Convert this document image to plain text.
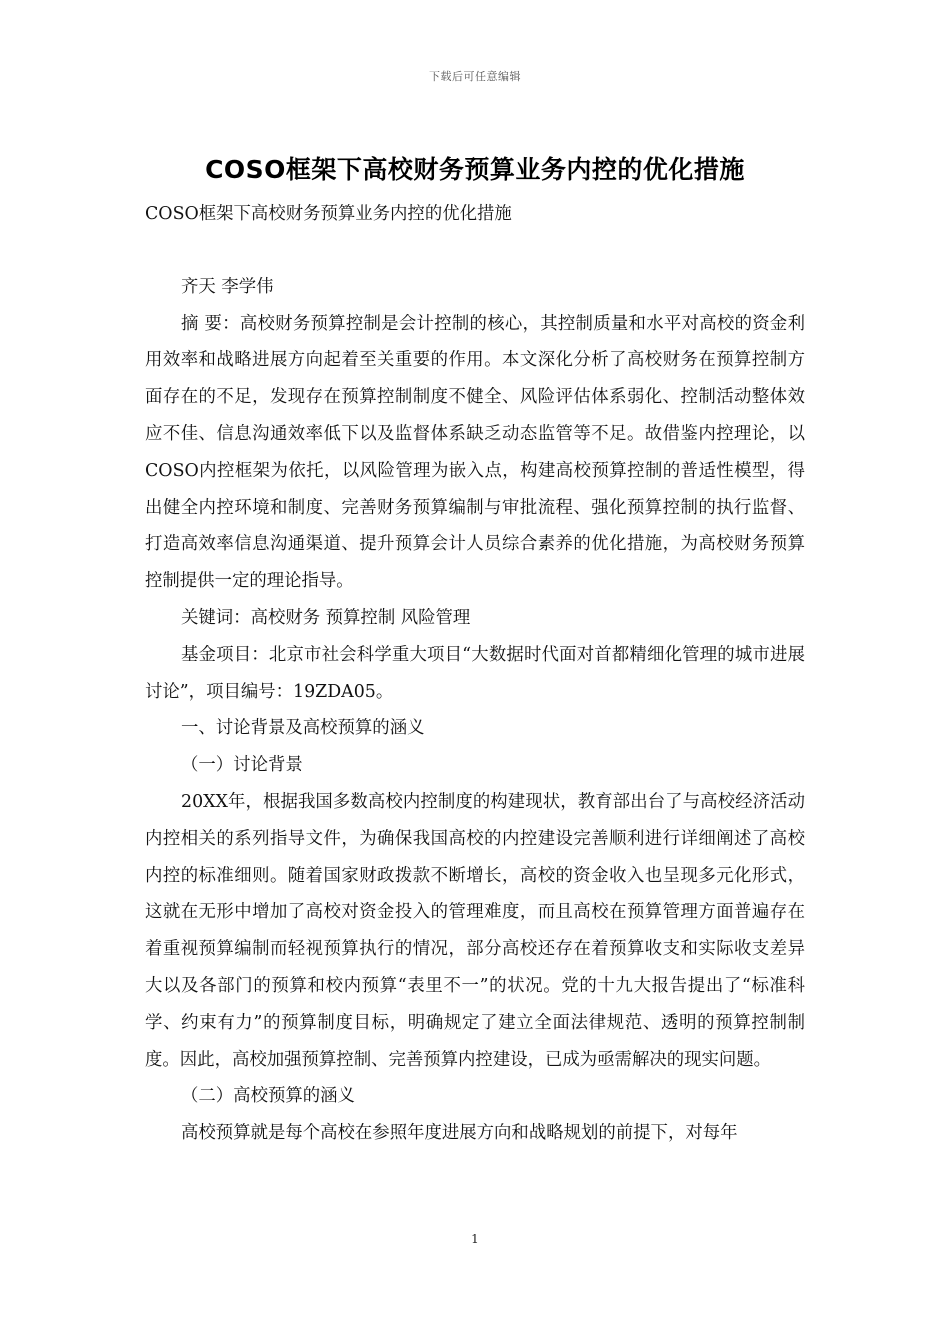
下载后可任意编辑
COSO框架下高校财务预算业务内控的优化措施

COSO框架下高校财务预算业务内控的优化措施

齐天 李学伟

摘 要：高校财务预算控制是会计控制的核心，其控制质量和水平对高校的资金利用效率和战略进展方向起着至关重要的作用。本文深化分析了高校财务在预算控制方面存在的不足，发现存在预算控制制度不健全、风险评估体系弱化、控制活动整体效应不佳、信息沟通效率低下以及监督体系缺乏动态监管等不足。故借鉴内控理论，以 COSO内控框架为依托，以风险管理为嵌入点，构建高校预算控制的普适性模型，得出健全内控环境和制度、完善财务预算编制与审批流程、强化预算控制的执行监督、打造高效率信息沟通渠道、提升预算会计人员综合素养的优化措施，为高校财务预算控制提供一定的理论指导。

关键词：高校财务 预算控制 风险管理

基金项目：北京市社会科学重大项目“大数据时代面对首都精细化管理的城市进展讨论”，项目编号：19ZDA05。

一、讨论背景及高校预算的涵义

（一）讨论背景

20XX年，根据我国多数高校内控制度的构建现状，教育部出台了与高校经济活动内控相关的系列指导文件，为确保我国高校的内控建设完善顺利进行详细阐述了高校内控的标准细则。随着国家财政拨款不断增长，高校的资金收入也呈现多元化形式，这就在无形中增加了高校对资金投入的管理难度，而且高校在预算管理方面普遍存在着重视预算编制而轻视预算执行的情况，部分高校还存在着预算收支和实际收支差异大以及各部门的预算和校内预算“表里不一”的状况。党的十九大报告提出了“标准科学、约束有力”的预算制度目标，明确规定了建立全面法律规范、透明的预算控制制度。因此，高校加强预算控制、完善预算内控建设，已成为亟需解决的现实问题。

（二）高校预算的涵义

高校预算就是每个高校在参照年度进展方向和战略规划的前提下，对每年

1
